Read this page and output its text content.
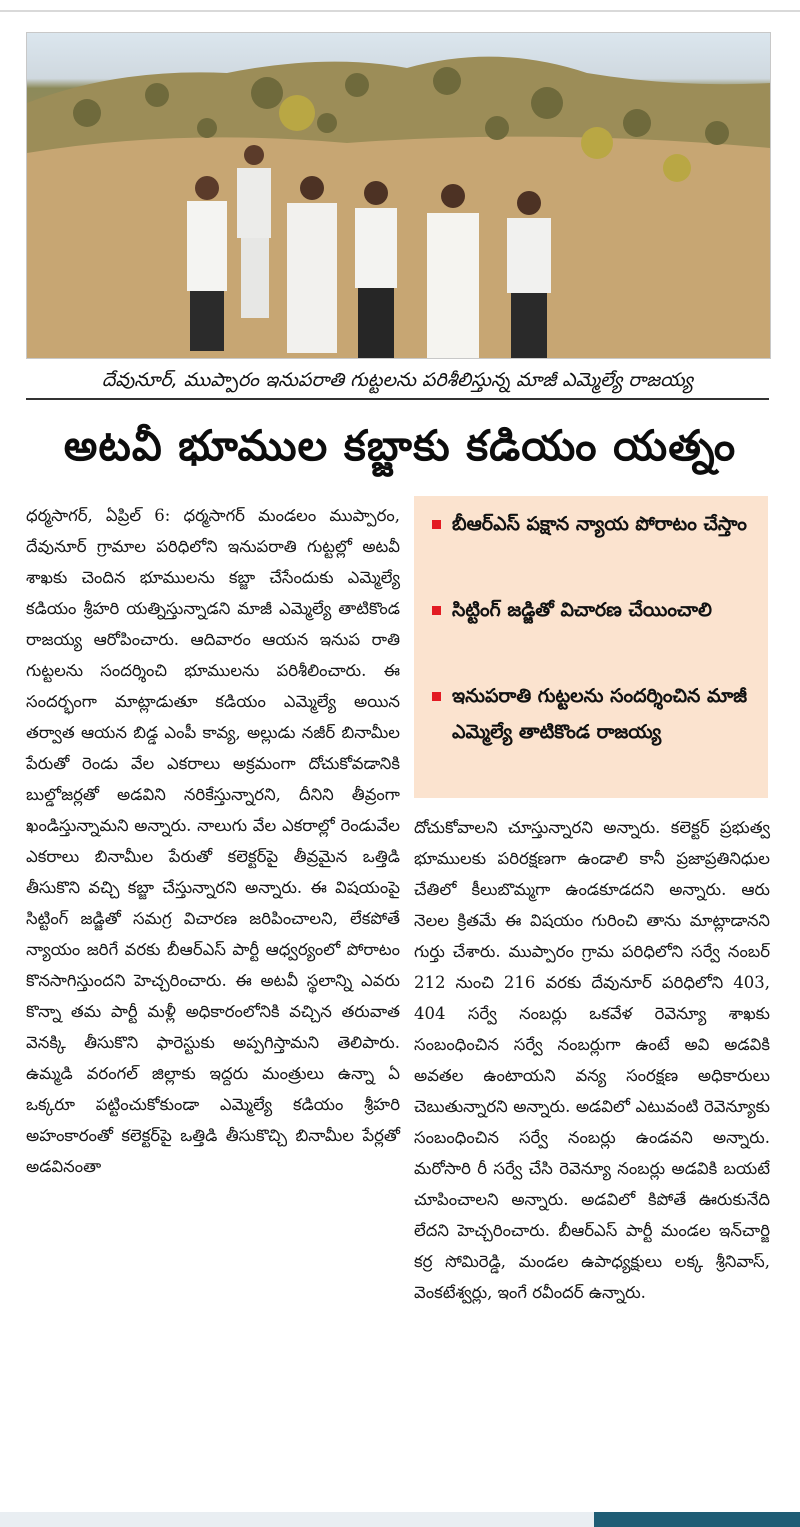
దేవునూర్, ముప్పారం ఇనుపరాతి గుట్టలను పరిశీలిస్తున్న మాజీ ఎమ్మెల్యే రాజయ్య
అటవీ భూముల కబ్జాకు కడియం యత్నం

ధర్మసాగర్, ఏప్రిల్ 6: ధర్మసాగర్ మండలం ముప్పారం, దేవునూర్ గ్రామాల పరిధిలోని ఇనుపరాతి గుట్టల్లో అటవీ శాఖకు చెందిన భూములను కబ్జా చేసేందుకు ఎమ్మెల్యే కడియం శ్రీహరి యత్నిస్తున్నాడని మాజీ ఎమ్మెల్యే తాటికొండ రాజయ్య ఆరోపించారు. ఆదివారం ఆయన ఇనుప రాతి గుట్టలను సందర్శించి భూములను పరిశీలించారు. ఈ సందర్భంగా మాట్లాడుతూ కడియం ఎమ్మెల్యే అయిన తర్వాత ఆయన బిడ్డ ఎంపీ కావ్య, అల్లుడు నజీర్ బినామీల పేరుతో రెండు వేల ఎకరాలు అక్రమంగా దోచుకోవడానికి బుల్డోజర్లతో అడవిని నరికేస్తున్నారని, దీనిని తీవ్రంగా ఖండిస్తున్నామని అన్నారు. నాలుగు వేల ఎకరాల్లో రెండువేల ఎకరాలు బినామీల పేరుతో కలెక్టర్‌పై తీవ్రమైన ఒత్తిడి తీసుకొని వచ్చి కబ్జా చేస్తున్నారని అన్నారు. ఈ విషయంపై సిట్టింగ్ జడ్జితో సమగ్ర విచారణ జరిపించాలని, లేకపోతే న్యాయం జరిగే వరకు బీఆర్ఎస్ పార్టీ ఆధ్వర్యంలో పోరాటం కొనసాగిస్తుందని హెచ్చరించారు. ఈ అటవీ స్థలాన్ని ఎవరు కొన్నా తమ పార్టీ మళ్లీ అధికారంలోనికి వచ్చిన తరువాత వెనక్కి తీసుకొని ఫారెస్టుకు అప్పగిస్తామని తెలిపారు. ఉమ్మడి వరంగల్ జిల్లాకు ఇద్దరు మంత్రులు ఉన్నా ఏ ఒక్కరూ పట్టించుకోకుండా ఎమ్మెల్యే కడియం శ్రీహరి అహంకారంతో కలెక్టర్‌పై ఒత్తిడి తీసుకొచ్చి బినామీల పేర్లతో అడవినంతా

బీఆర్ఎస్ పక్షాన న్యాయ పోరాటం చేస్తాం
సిట్టింగ్ జడ్జితో విచారణ చేయించాలి
ఇనుపరాతి గుట్టలను సందర్శించిన మాజీ ఎమ్మెల్యే తాటికొండ రాజయ్య

దోచుకోవాలని చూస్తున్నారని అన్నారు. కలెక్టర్ ప్రభుత్వ భూములకు పరిరక్షణగా ఉండాలి కానీ ప్రజాప్రతినిధుల చేతిలో కీలుబొమ్మగా ఉండకూడదని అన్నారు. ఆరు నెలల క్రితమే ఈ విషయం గురించి తాను మాట్లాడానని గుర్తు చేశారు. ముప్పారం గ్రామ పరిధిలోని సర్వే నంబర్ 212 నుంచి 216 వరకు దేవునూర్ పరిధిలోని 403, 404 సర్వే నంబర్లు ఒకవేళ రెవెన్యూ శాఖకు సంబంధించిన సర్వే నంబర్లుగా ఉంటే అవి అడవికి అవతల ఉంటాయని వన్య సంరక్షణ అధికారులు చెబుతున్నారని అన్నారు. అడవిలో ఎటువంటి రెవెన్యూకు సంబంధించిన సర్వే నంబర్లు ఉండవని అన్నారు. మరోసారి రీ సర్వే చేసి రెవెన్యూ నంబర్లు అడవికి బయటే చూపించాలని అన్నారు. అడవిలో కిపోతే ఊరుకునేది లేదని హెచ్చరించారు. బీఆర్ఎస్ పార్టీ మండల ఇన్‌చార్జి కర్ర సోమిరెడ్డి, మండల ఉపాధ్యక్షులు లక్క శ్రీనివాస్, వెంకటేశ్వర్లు, ఇంగే రవీందర్ ఉన్నారు.
